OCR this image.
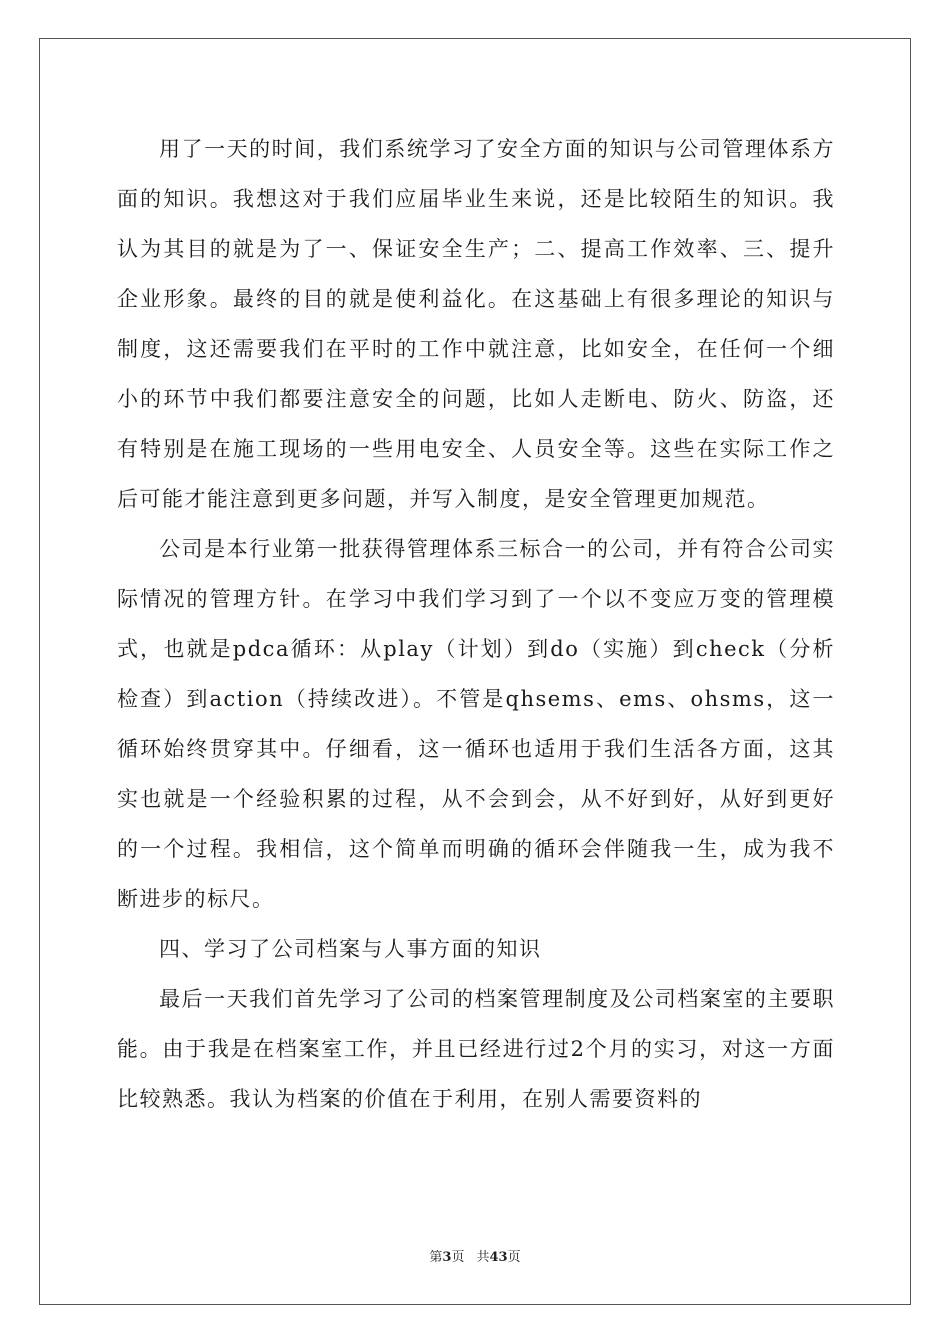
用了一天的时间，我们系统学习了安全方面的知识与公司管理体系方面的知识。我想这对于我们应届毕业生来说，还是比较陌生的知识。我认为其目的就是为了一、保证安全生产；二、提高工作效率、三、提升企业形象。最终的目的就是使利益化。在这基础上有很多理论的知识与制度，这还需要我们在平时的工作中就注意，比如安全，在任何一个细小的环节中我们都要注意安全的问题，比如人走断电、防火、防盗，还有特别是在施工现场的一些用电安全、人员安全等。这些在实际工作之后可能才能注意到更多问题，并写入制度，是安全管理更加规范。

公司是本行业第一批获得管理体系三标合一的公司，并有符合公司实际情况的管理方针。在学习中我们学习到了一个以不变应万变的管理模式，也就是pdca循环：从play（计划）到do（实施）到check（分析检查）到action（持续改进）。不管是qhsems、ems、ohsms，这一循环始终贯穿其中。仔细看，这一循环也适用于我们生活各方面，这其实也就是一个经验积累的过程，从不会到会，从不好到好，从好到更好的一个过程。我相信，这个简单而明确的循环会伴随我一生，成为我不断进步的标尺。

四、学习了公司档案与人事方面的知识

最后一天我们首先学习了公司的档案管理制度及公司档案室的主要职能。由于我是在档案室工作，并且已经进行过2个月的实习，对这一方面比较熟悉。我认为档案的价值在于利用，在别人需要资料的

第3页 共43页
